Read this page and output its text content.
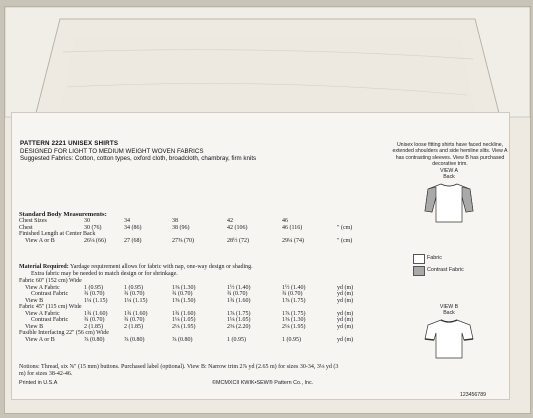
PATTERN 2221 UNISEX SHIRTS
DESIGNED FOR LIGHT TO MEDIUM WEIGHT WOVEN FABRICS
Suggested Fabrics: Cotton, cotton types, oxford cloth, broadcloth, chambray, firm knits
Unisex loose fitting shirts have faced neckline, extended shoulders and side hemline slits. View A has contrasting sleeves. View B has purchased decorative trim.
VIEW A
Back
Fabric
Contrast Fabric
VIEW B
Back
Standard Body Measurements:
Chest Sizes	30	34	38	42	46	
Chest	30 (76)	34 (86)	38 (96)	42 (106)	46 (116)	" (cm)
Finished Length at Center Back						
View A or B	26⅛ (66)	27 (68)	27⅝ (70)	28½ (72)	29¼ (74)	" (cm)
Material Required: Yardage requirement allows for fabric with nap, one-way design or shading.
Extra fabric may be needed to match design or for shrinkage.
Fabric 60" (152 cm) Wide						
View A Fabric	1 (0.95)	1 (0.95)	1⅜ (1.30)	1½ (1.40)	1½ (1.40)	yd (m)
Contrast Fabric	¾ (0.70)	¾ (0.70)	¾ (0.70)	¾ (0.70)	¾ (0.70)	yd (m)
View B	1¼ (1.15)	1¼ (1.15)	1⅝ (1.50)	1¾ (1.60)	1⅞ (1.75)	yd (m)
Fabric 45" (115 cm) Wide						
View A Fabric	1¾ (1.60)	1¾ (1.60)	1¾ (1.60)	1⅞ (1.75)	1⅞ (1.75)	yd (m)
Contrast Fabric	¾ (0.70)	¾ (0.70)	1⅛ (1.05)	1⅛ (1.05)	1⅜ (1.30)	yd (m)
View B	2 (1.85)	2 (1.85)	2⅛ (1.95)	2⅜ (2.20)	2⅛ (1.95)	yd (m)
Fusible Interfacing 22" (56 cm) Wide						
View A or B	⅞ (0.80)	⅞ (0.80)	⅞ (0.80)	1 (0.95)	1 (0.95)	yd (m)
Notions: Thread, six ⅝" (15 mm) buttons. Purchased label (optional). View B: Narrow trim 2⅞ yd (2.65 m) for sizes 30-34, 3⅛ yd (3 m) for sizes 38-42-46.
Printed in U.S.A	©MCMXCII KWIK•SEW® Pattern Co., Inc.
123456789
